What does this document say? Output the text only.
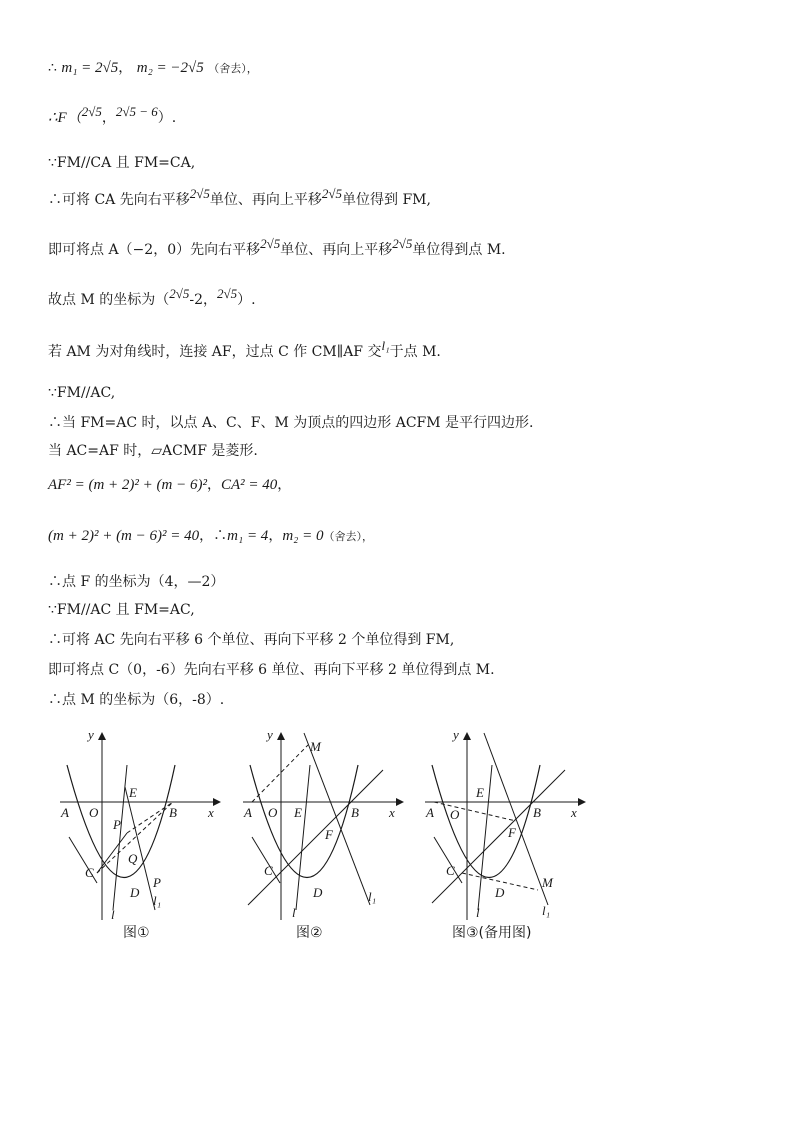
∴ m₁ = 2√5， m₂ = −2√5 （舍去），
∴F（2√5，2√5 − 6）.
∵FM//CA 且 FM=CA,
∴可将 CA 先向右平移2√5单位、再向上平移2√5单位得到 FM,
即可将点 A（−2，0）先向右平移2√5单位、再向上平移2√5单位得到点 M.
故点 M 的坐标为（2√5-2，2√5）.
若 AM 为对角线时，连接 AF，过点 C 作 CM∥AF 交l₁于点 M.
∵FM//AC,
∴当 FM=AC 时，以点 A、C、F、M 为顶点的四边形 ACFM 是平行四边形.
当 AC=AF 时，▱ACMF 是菱形.
AF² = (m + 2)² + (m − 6)²，CA² = 40，
(m + 2)² + (m − 6)² = 40，∴m₁ = 4，m₂ = 0（舍去），
∴点 F 的坐标为（4，—2）
∵FM//AC 且 FM=AC,
∴可将 AC 先向右平移 6 个单位、再向下平移 2 个单位得到 FM,
即可将点 C（0，-6）先向右平移 6 单位、再向下平移 2 单位得到点 M.
∴点 M 的坐标为（6，-8）.
y
x
O
A	B
C
D
E
P
P
Q
l
l₁
图①
y
x
O
A	B
C
D
E
F
M
l
l₁
图②
y
x
O
A	B
C
D
E
F
M
l	l₁
图③(备用图)
